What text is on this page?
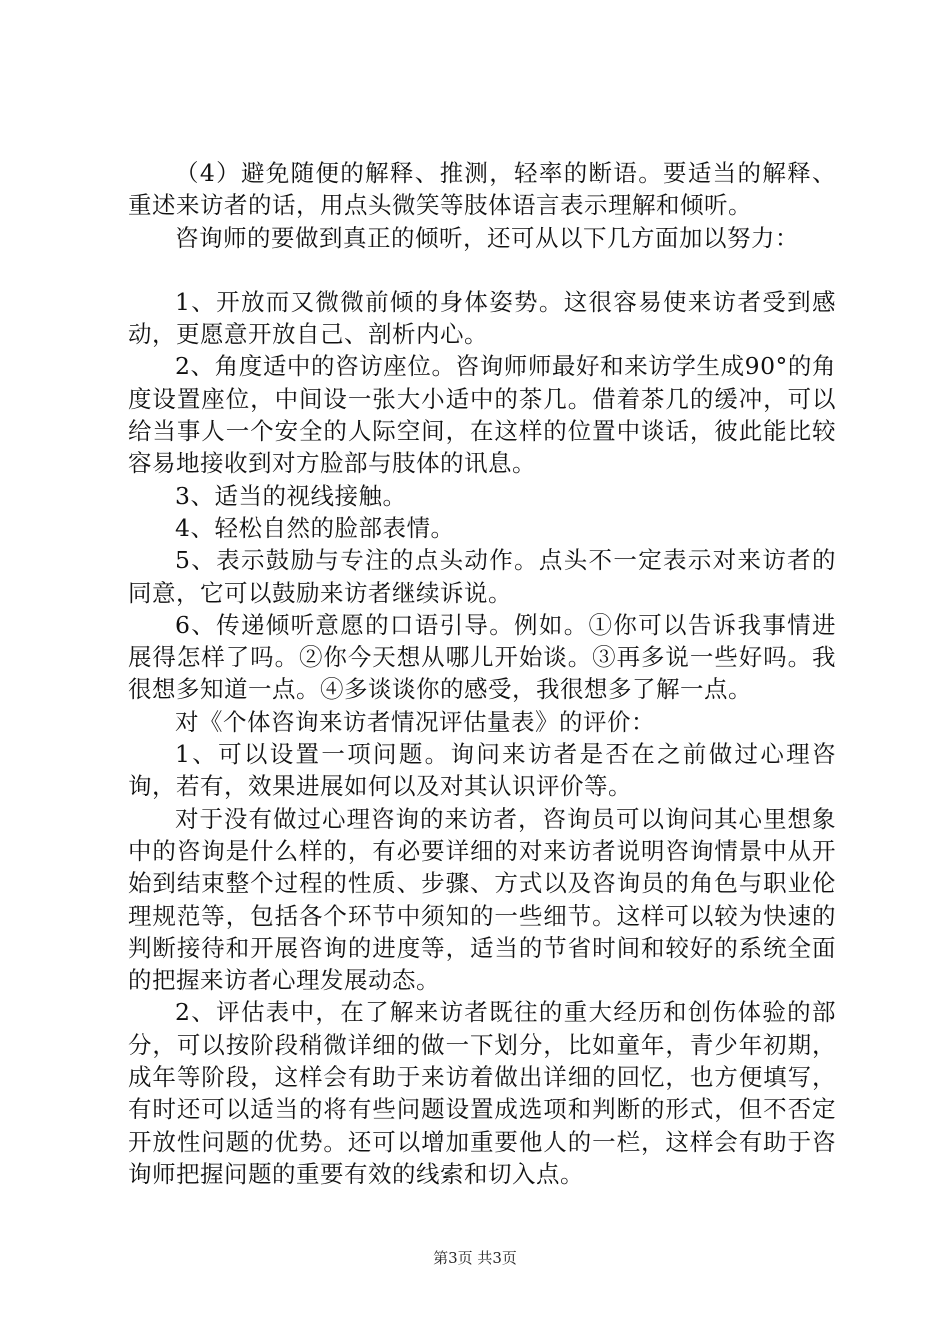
（4）避免随便的解释、推测，轻率的断语。要适当的解释、重述来访者的话，用点头微笑等肢体语言表示理解和倾听。

咨询师的要做到真正的倾听，还可从以下几方面加以努力：

1、开放而又微微前倾的身体姿势。这很容易使来访者受到感动，更愿意开放自己、剖析内心。

2、角度适中的咨访座位。咨询师师最好和来访学生成90°的角度设置座位，中间设一张大小适中的茶几。借着茶几的缓冲，可以给当事人一个安全的人际空间，在这样的位置中谈话，彼此能比较容易地接收到对方脸部与肢体的讯息。

3、适当的视线接触。

4、轻松自然的脸部表情。

5、表示鼓励与专注的点头动作。点头不一定表示对来访者的同意，它可以鼓励来访者继续诉说。

6、传递倾听意愿的口语引导。例如。①你可以告诉我事情进展得怎样了吗。②你今天想从哪儿开始谈。③再多说一些好吗。我很想多知道一点。④多谈谈你的感受，我很想多了解一点。

对《个体咨询来访者情况评估量表》的评价：

1、可以设置一项问题。询问来访者是否在之前做过心理咨询，若有，效果进展如何以及对其认识评价等。

对于没有做过心理咨询的来访者，咨询员可以询问其心里想象中的咨询是什么样的，有必要详细的对来访者说明咨询情景中从开始到结束整个过程的性质、步骤、方式以及咨询员的角色与职业伦理规范等，包括各个环节中须知的一些细节。这样可以较为快速的判断接待和开展咨询的进度等，适当的节省时间和较好的系统全面的把握来访者心理发展动态。

2、评估表中，在了解来访者既往的重大经历和创伤体验的部分，可以按阶段稍微详细的做一下划分，比如童年，青少年初期，成年等阶段，这样会有助于来访着做出详细的回忆，也方便填写，有时还可以适当的将有些问题设置成选项和判断的形式，但不否定开放性问题的优势。还可以增加重要他人的一栏，这样会有助于咨询师把握问题的重要有效的线索和切入点。

第3页 共3页
